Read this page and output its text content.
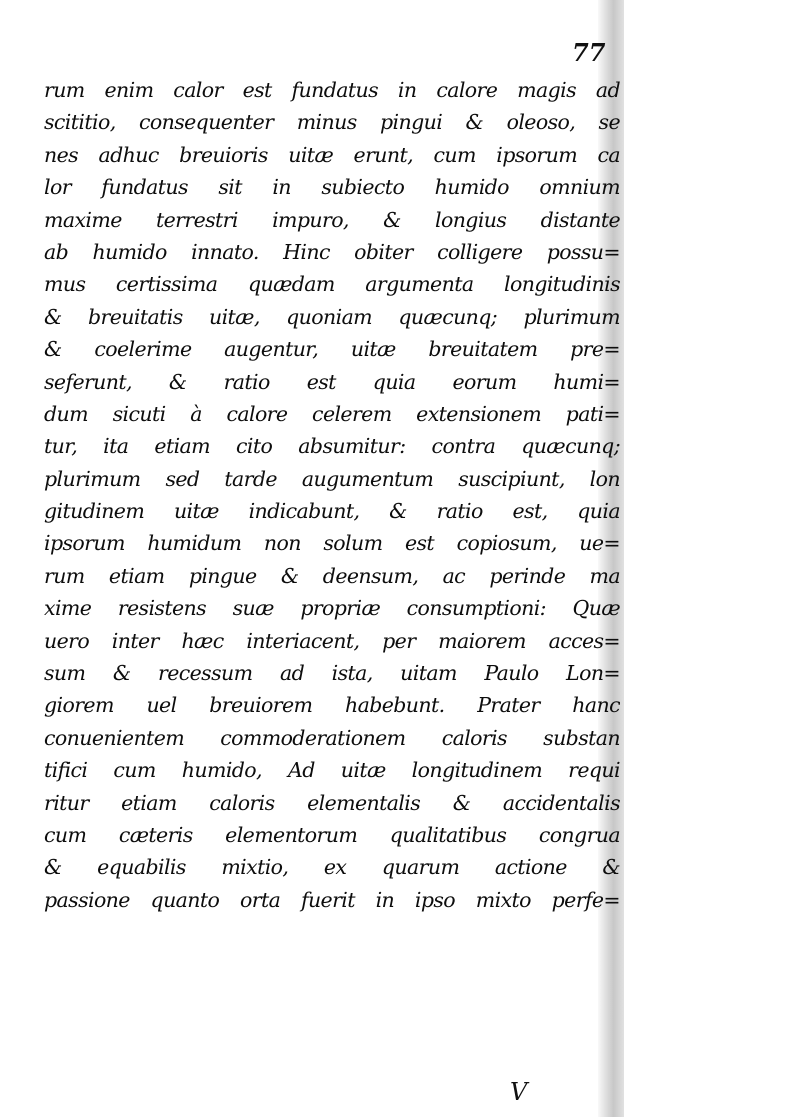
77

rum enim calor est fundatus in calore magis ad
scititio, consequenter minus pingui & oleoso, se
nes adhuc breuioris uitæ erunt, cum ipsorum ca
lor fundatus sit in subiecto humido omnium
maxime terrestri impuro, & longius distante
ab humido innato. Hinc obiter colligere possu=
mus certissima quædam argumenta longitudinis
& breuitatis uitæ, quoniam quæcunq; plurimum
& coelerime augentur, uitæ breuitatem pre=
seferunt, & ratio est quia eorum humi=
dum sicuti à calore celerem extensionem pati=
tur, ita etiam cito absumitur: contra quæcunq;
plurimum sed tarde augumentum suscipiunt, lon
gitudinem uitæ indicabunt, & ratio est, quia
ipsorum humidum non solum est copiosum, ue=
rum etiam pingue & deensum, ac perinde ma
xime resistens suæ propriæ consumptioni: Quæ
uero inter hæc interiacent, per maiorem acces=
sum & recessum ad ista, uitam Paulo Lon=
giorem uel breuiorem habebunt. Prater hanc
conuenientem commoderationem caloris substan
tifici cum humido, Ad uitæ longitudinem requi
ritur etiam caloris elementalis & accidentalis
cum cæteris elementorum qualitatibus congrua
& equabilis mixtio, ex quarum actione &
passione quanto orta fuerit in ipso mixto perfe=

V
